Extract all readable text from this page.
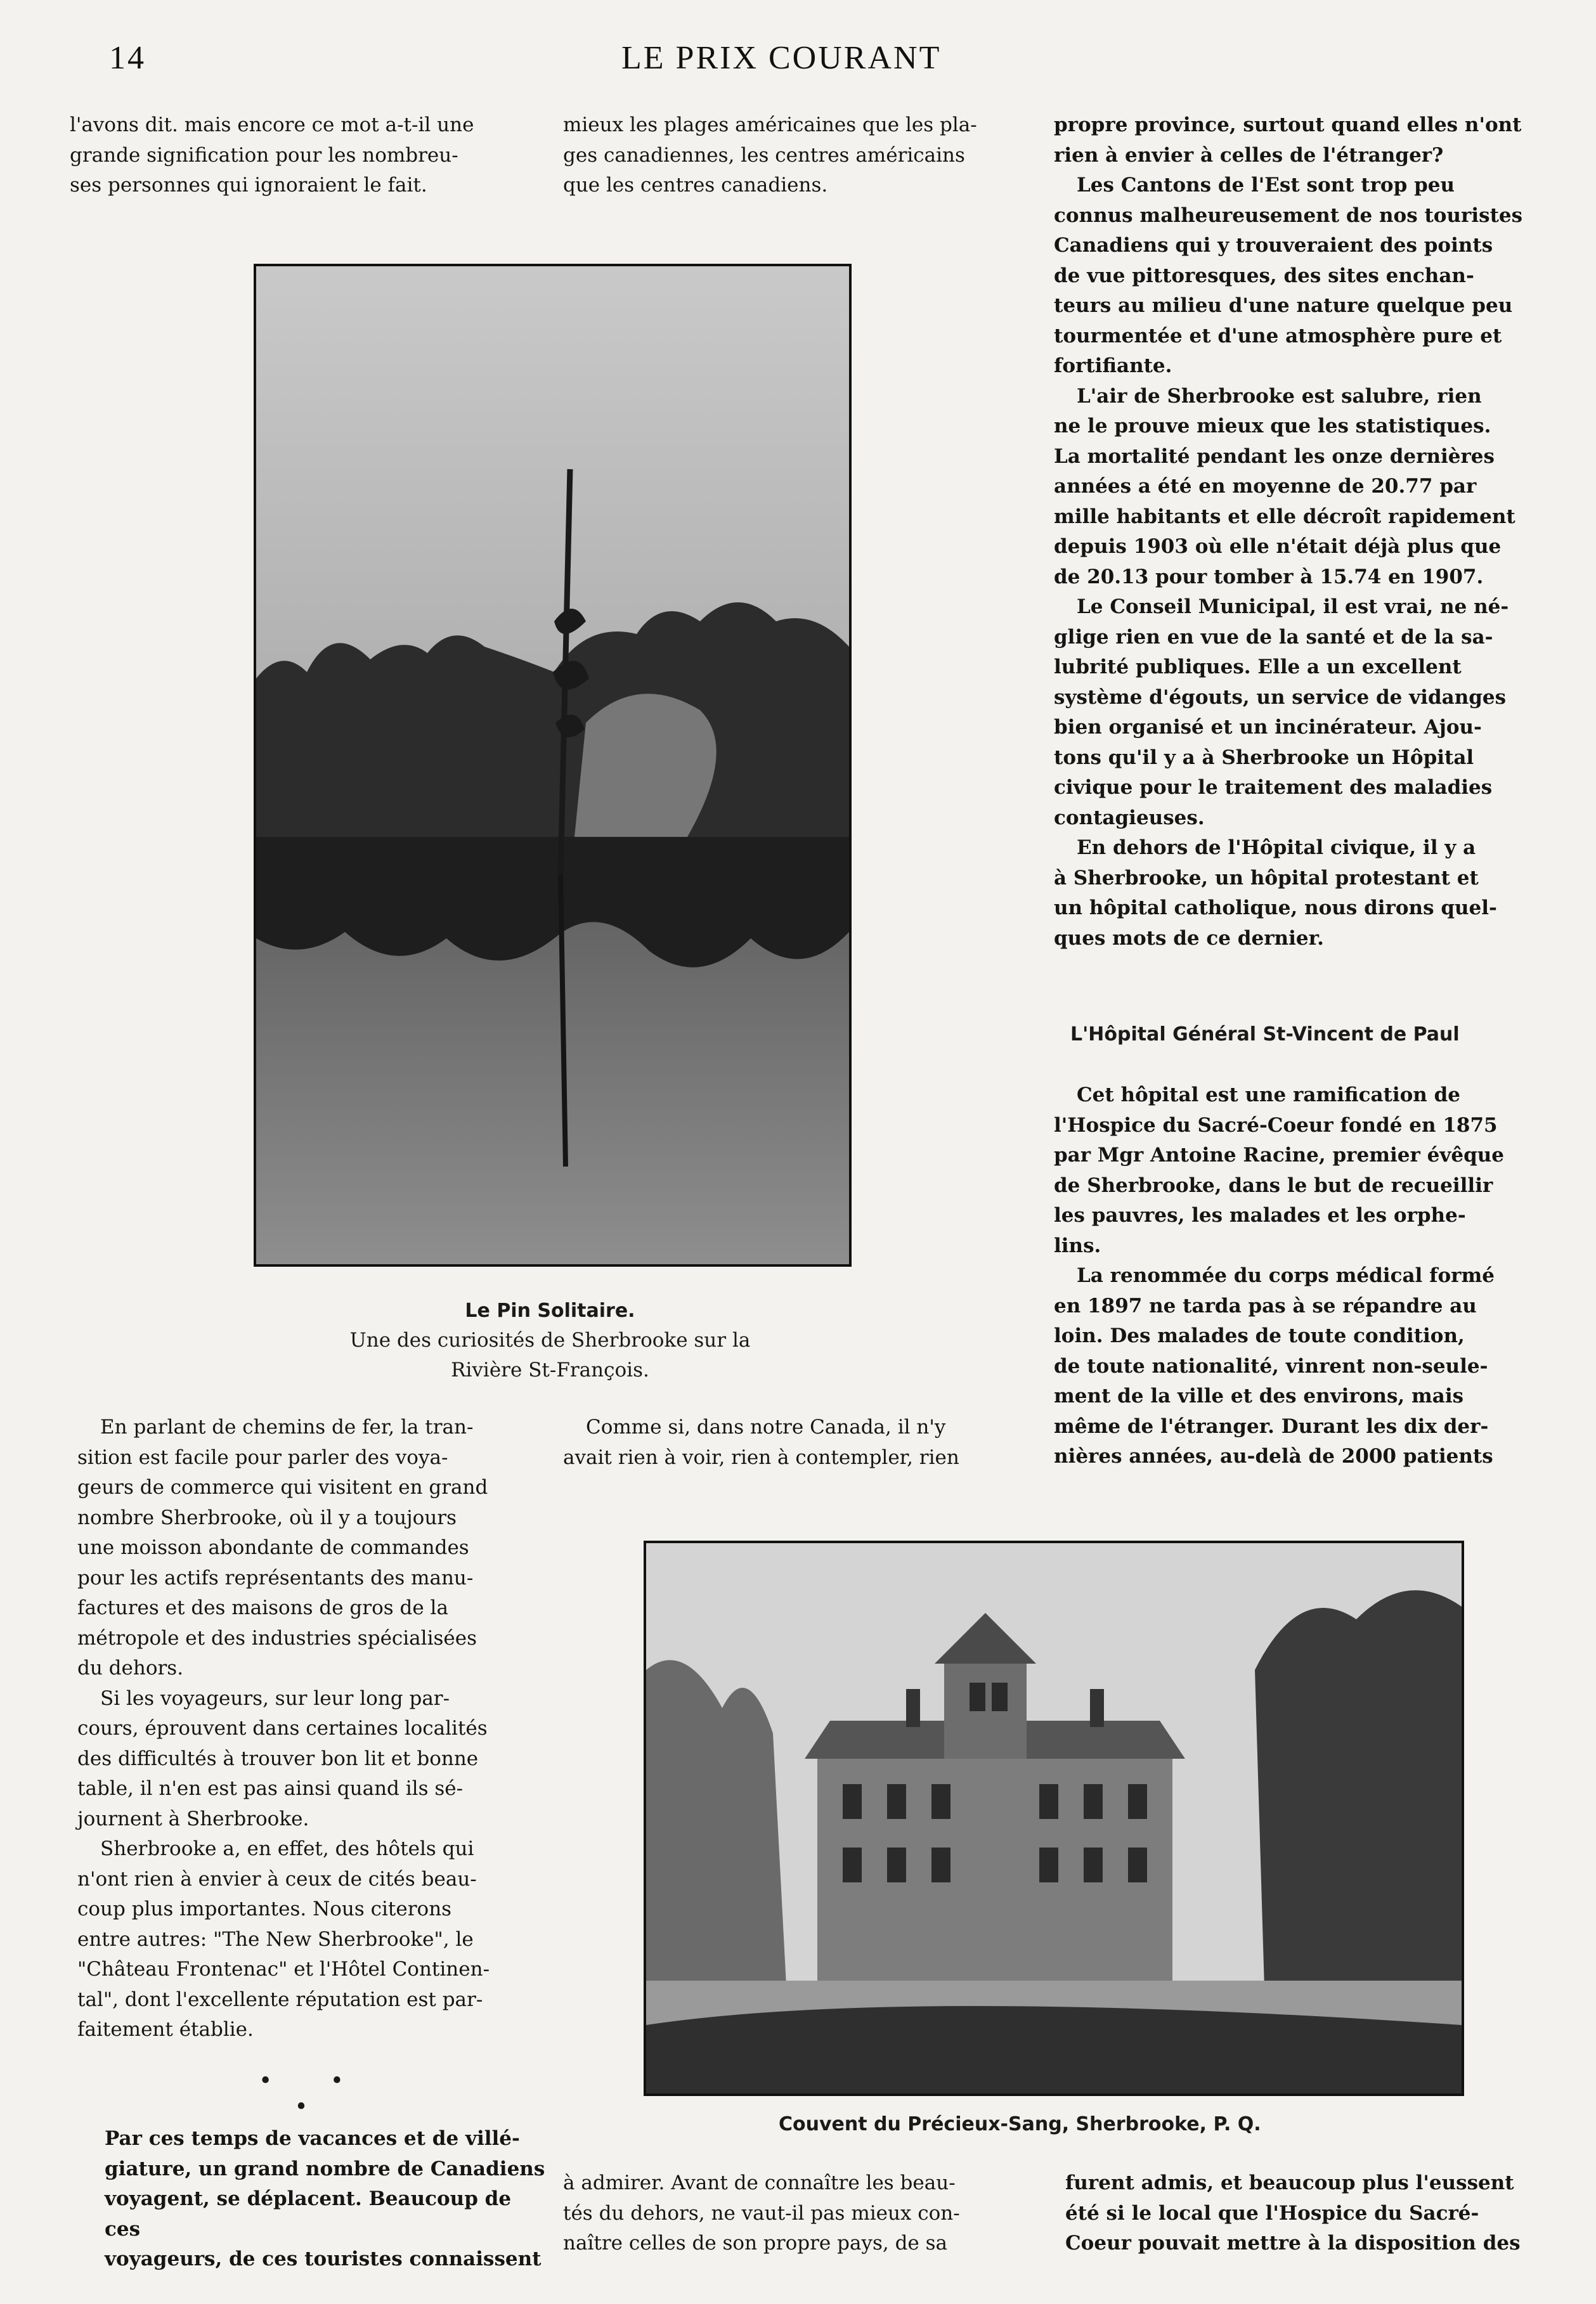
14	LE PRIX COURANT
l'avons dit. mais encore ce mot a-t-il une
grande signification pour les nombreu-
ses personnes qui ignoraient le fait.
mieux les plages américaines que les pla-
ges canadiennes, les centres américains
que les centres canadiens.

propre province, surtout quand elles n'ont
rien à envier à celles de l'étranger?

Les Cantons de l'Est sont trop peu
connus malheureusement de nos touristes
Canadiens qui y trouveraient des points
de vue pittoresques, des sites enchan-
teurs au milieu d'une nature quelque peu
tourmentée et d'une atmosphère pure et
fortifiante.

L'air de Sherbrooke est salubre, rien
ne le prouve mieux que les statistiques.
La mortalité pendant les onze dernières
années a été en moyenne de 20.77 par
mille habitants et elle décroît rapidement
depuis 1903 où elle n'était déjà plus que
de 20.13 pour tomber à 15.74 en 1907.

Le Conseil Municipal, il est vrai, ne né-
glige rien en vue de la santé et de la sa-
lubrité publiques. Elle a un excellent
système d'égouts, un service de vidanges
bien organisé et un incinérateur. Ajou-
tons qu'il y a à Sherbrooke un Hôpital
civique pour le traitement des maladies
contagieuses.

En dehors de l'Hôpital civique, il y a
à Sherbrooke, un hôpital protestant et
un hôpital catholique, nous dirons quel-
ques mots de ce dernier.

L'Hôpital Général St-Vincent de Paul

Cet hôpital est une ramification de
l'Hospice du Sacré-Coeur fondé en 1875
par Mgr Antoine Racine, premier évêque
de Sherbrooke, dans le but de recueillir
les pauvres, les malades et les orphe-
lins.

La renommée du corps médical formé
en 1897 ne tarda pas à se répandre au
loin. Des malades de toute condition,
de toute nationalité, vinrent non-seule-
ment de la ville et des environs, mais
même de l'étranger. Durant les dix der-
nières années, au-delà de 2000 patients

Le Pin Solitaire.
Une des curiosités de Sherbrooke sur la
Rivière St-François.

En parlant de chemins de fer, la tran-
sition est facile pour parler des voya-
geurs de commerce qui visitent en grand
nombre Sherbrooke, où il y a toujours
une moisson abondante de commandes
pour les actifs représentants des manu-
factures et des maisons de gros de la
métropole et des industries spécialisées
du dehors.

Si les voyageurs, sur leur long par-
cours, éprouvent dans certaines localités
des difficultés à trouver bon lit et bonne
table, il n'en est pas ainsi quand ils sé-
journent à Sherbrooke.

Sherbrooke a, en effet, des hôtels qui
n'ont rien à envier à ceux de cités beau-
coup plus importantes. Nous citerons
entre autres: "The New Sherbrooke", le
"Château Frontenac" et l'Hôtel Continen-
tal", dont l'excellente réputation est par-
faitement établie.

• • •
Par ces temps de vacances et de villé-
giature, un grand nombre de Canadiens
voyagent, se déplacent. Beaucoup de ces
voyageurs, de ces touristes connaissent

Comme si, dans notre Canada, il n'y
avait rien à voir, rien à contempler, rien

Couvent du Précieux-Sang, Sherbrooke, P. Q.
à admirer. Avant de connaître les beau-
tés du dehors, ne vaut-il pas mieux con-
naître celles de son propre pays, de sa
furent admis, et beaucoup plus l'eussent
été si le local que l'Hospice du Sacré-
Coeur pouvait mettre à la disposition des
